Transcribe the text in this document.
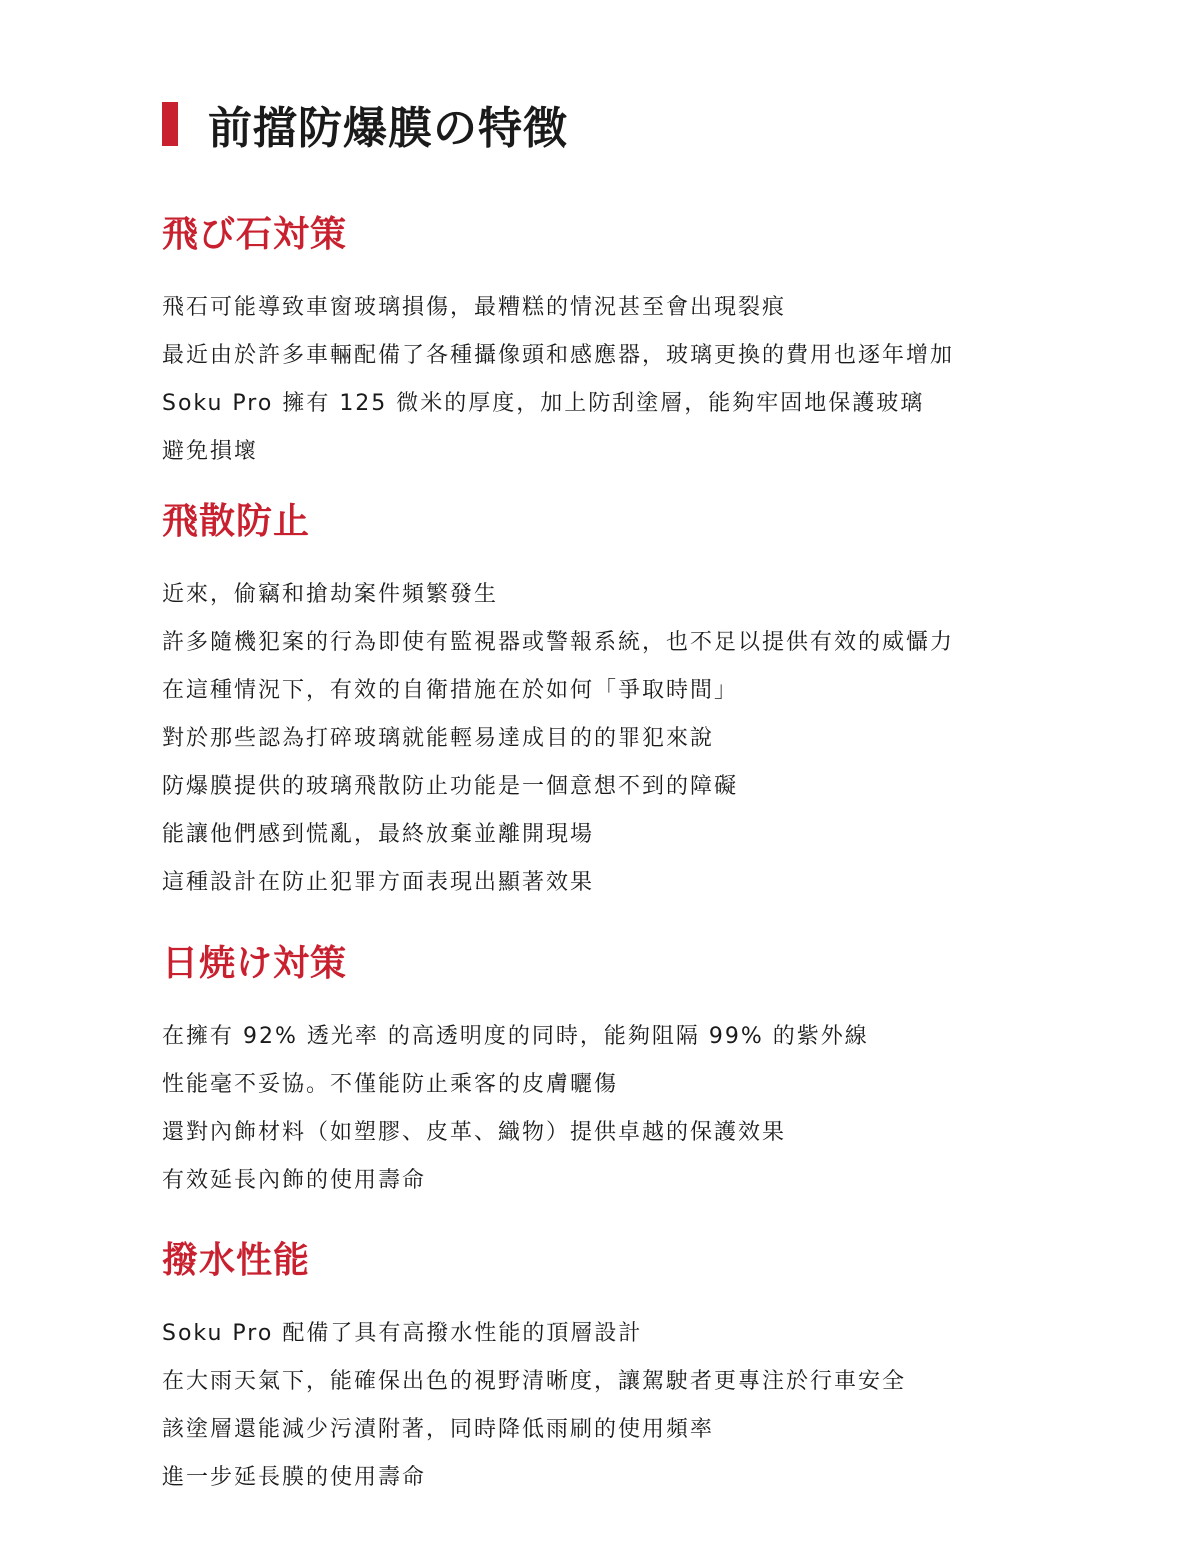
前擋防爆膜の特徴
飛び石対策
飛石可能導致車窗玻璃損傷，最糟糕的情況甚至會出現裂痕
最近由於許多車輛配備了各種攝像頭和感應器，玻璃更換的費用也逐年增加
Soku Pro 擁有 125 微米的厚度，加上防刮塗層，能夠牢固地保護玻璃
避免損壞
飛散防止
近來，偷竊和搶劫案件頻繁發生
許多隨機犯案的行為即使有監視器或警報系統，也不足以提供有效的威懾力
在這種情況下，有效的自衛措施在於如何「爭取時間」
對於那些認為打碎玻璃就能輕易達成目的的罪犯來說
防爆膜提供的玻璃飛散防止功能是一個意想不到的障礙
能讓他們感到慌亂，最終放棄並離開現場
這種設計在防止犯罪方面表現出顯著效果
日焼け対策
在擁有 92% 透光率 的高透明度的同時，能夠阻隔 99% 的紫外線
性能毫不妥協。不僅能防止乘客的皮膚曬傷
還對內飾材料（如塑膠、皮革、織物）提供卓越的保護效果
有效延長內飾的使用壽命
撥水性能
Soku Pro 配備了具有高撥水性能的頂層設計
在大雨天氣下，能確保出色的視野清晰度，讓駕駛者更專注於行車安全
該塗層還能減少污漬附著，同時降低雨刷的使用頻率
進一步延長膜的使用壽命
